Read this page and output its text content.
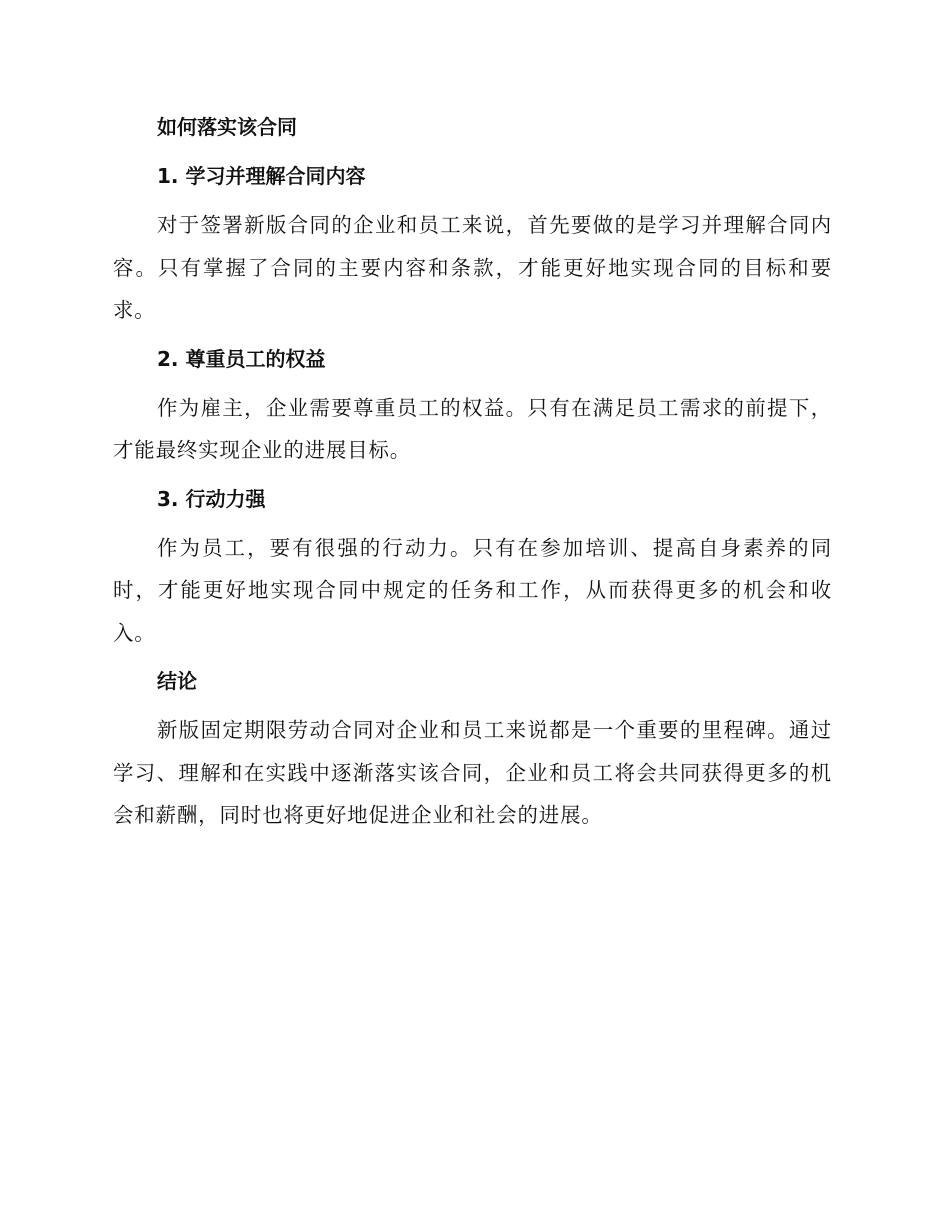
如何落实该合同
1. 学习并理解合同内容

对于签署新版合同的企业和员工来说，首先要做的是学习并理解合同内容。只有掌握了合同的主要内容和条款，才能更好地实现合同的目标和要求。

2. 尊重员工的权益

作为雇主，企业需要尊重员工的权益。只有在满足员工需求的前提下，才能最终实现企业的进展目标。

3. 行动力强

作为员工，要有很强的行动力。只有在参加培训、提高自身素养的同时，才能更好地实现合同中规定的任务和工作，从而获得更多的机会和收入。

结论

新版固定期限劳动合同对企业和员工来说都是一个重要的里程碑。通过学习、理解和在实践中逐渐落实该合同，企业和员工将会共同获得更多的机会和薪酬，同时也将更好地促进企业和社会的进展。
